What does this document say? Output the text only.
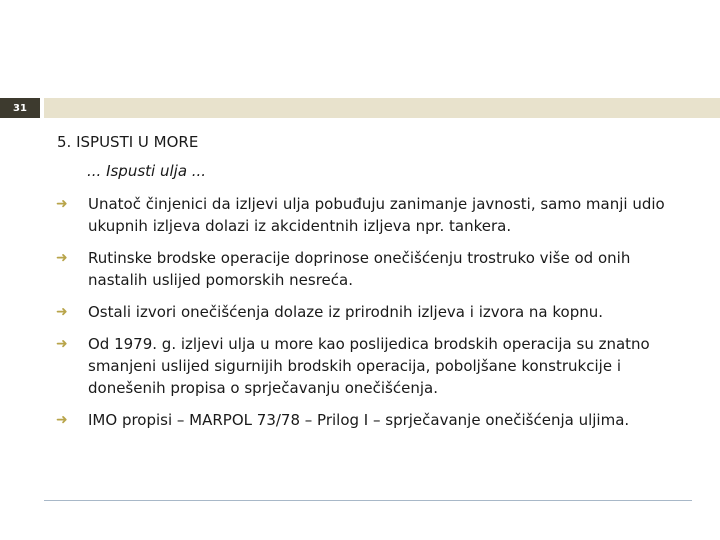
31
5. ISPUSTI U MORE
... Ispusti ulja ...
➜	Unatoč činjenici da izljevi ulja pobuđuju zanimanje javnosti, samo manji udio ukupnih izljeva dolazi iz akcidentnih izljeva npr. tankera.
➜	Rutinske brodske operacije doprinose onečišćenju trostruko više od onih nastalih uslijed pomorskih nesreća.
➜	Ostali izvori onečišćenja dolaze iz prirodnih izljeva i izvora na kopnu.
➜	Od 1979. g. izljevi ulja u more kao poslijedica brodskih operacija su znatno smanjeni uslijed sigurnijih brodskih operacija, poboljšane konstrukcije i donešenih propisa o sprječavanju onečišćenja.
➜	IMO propisi – MARPOL 73/78 – Prilog I – sprječavanje onečišćenja uljima.
